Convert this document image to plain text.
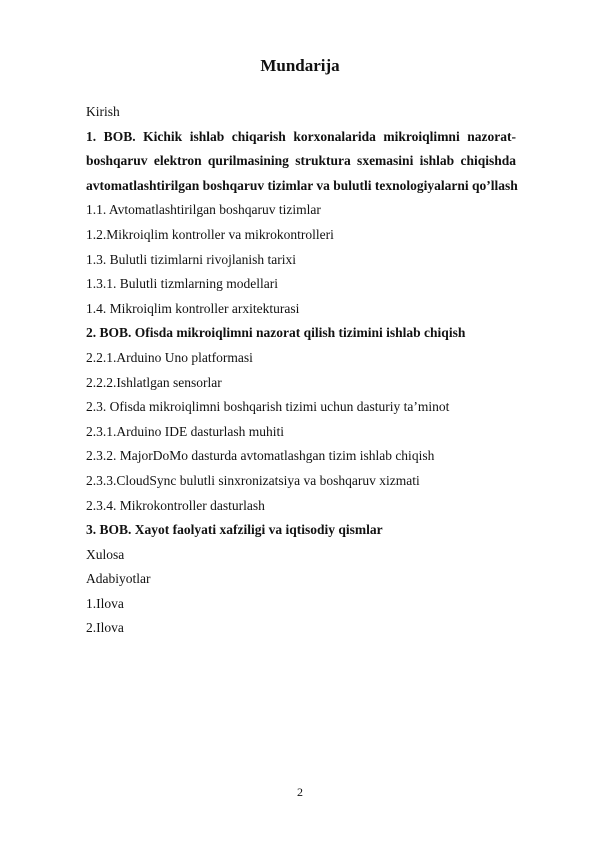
Mundarija
Kirish
1. BOB. Kichik ishlab chiqarish korxonalarida mikroiqlimni nazorat-
boshqaruv elektron qurilmasining struktura sxemasini ishlab chiqishda
avtomatlashtirilgan boshqaruv tizimlar va bulutli texnologiyalarni qo’llash
1.1. Avtomatlashtirilgan boshqaruv tizimlar
1.2.Mikroiqlim kontroller va mikrokontrolleri
1.3. Bulutli tizimlarni rivojlanish tarixi
1.3.1. Bulutli tizmlarning modellari
1.4. Mikroiqlim kontroller arxitekturasi
2. BOB. Ofisda mikroiqlimni nazorat qilish tizimini ishlab chiqish
2.2.1.Arduino Uno platformasi
2.2.2.Ishlatlgan sensorlar
2.3. Ofisda mikroiqlimni boshqarish tizimi uchun dasturiy ta’minot
2.3.1.Arduino IDE dasturlash muhiti
2.3.2. MajorDoMo dasturda avtomatlashgan tizim ishlab chiqish
2.3.3.CloudSync bulutli sinxronizatsiya va boshqaruv xizmati
2.3.4. Mikrokontroller dasturlash
3. BOB. Xayot faolyati xafziligi va iqtisodiy qismlar
Xulosa
Adabiyotlar
1.Ilova
2.Ilova
2
